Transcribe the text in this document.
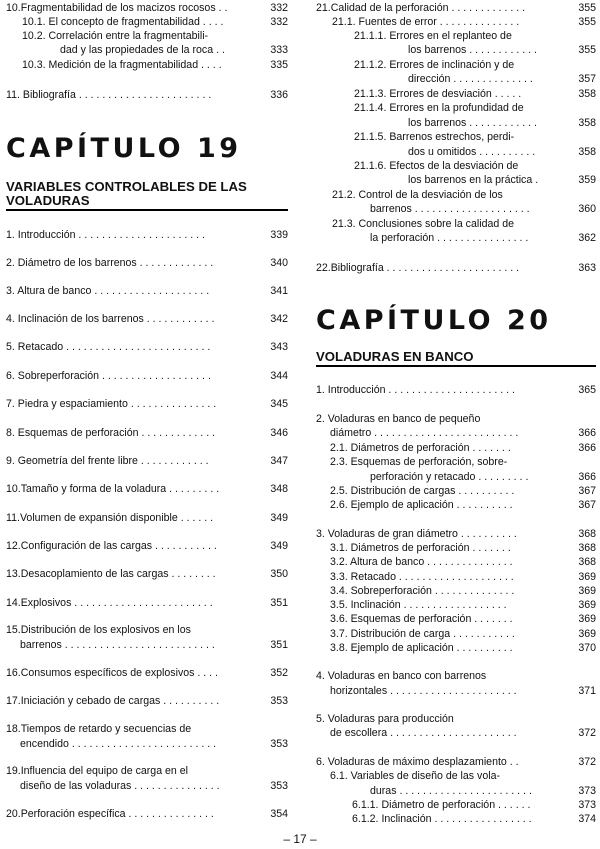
10.Fragmentabilidad de los macizos rocosos . .	332
10.1. El concepto de fragmentabilidad . . . .	332
10.2. Correlación entre la fragmentabili-
dad y las propiedades de la roca . .	333
10.3. Medición de la fragmentabilidad . . . .	335
11. Bibliografía . . . . . . . . . . . . . . . . . . . . . . .	336
CAPÍTULO 19
VARIABLES CONTROLABLES DE LAS
VOLADURAS
1. Introducción . . . . . . . . . . . . . . . . . . . . . .	339
2. Diámetro de los barrenos . . . . . . . . . . . . .	340
3. Altura de banco . . . . . . . . . . . . . . . . . . . .	341
4. Inclinación de los barrenos . . . . . . . . . . . .	342
5. Retacado . . . . . . . . . . . . . . . . . . . . . . . . .	343
6. Sobreperforación . . . . . . . . . . . . . . . . . . .	344
7. Piedra y espaciamiento . . . . . . . . . . . . . . .	345
8. Esquemas de perforación . . . . . . . . . . . . .	346
9. Geometría del frente libre . . . . . . . . . . . .	347
10.Tamaño y forma de la voladura . . . . . . . . .	348
11.Volumen de expansión disponible . . . . . .	349
12.Configuración de las cargas . . . . . . . . . . .	349
13.Desacoplamiento de las cargas . . . . . . . .	350
14.Explosivos . . . . . . . . . . . . . . . . . . . . . . . .	351
15.Distribución de los explosivos en los
barrenos . . . . . . . . . . . . . . . . . . . . . . . . . .	351
16.Consumos específicos de explosivos . . . .	352
17.Iniciación y cebado de cargas . . . . . . . . . .	353
18.Tiempos de retardo y secuencias de
encendido . . . . . . . . . . . . . . . . . . . . . . . . .	353
19.Influencia del equipo de carga en el
diseño de las voladuras . . . . . . . . . . . . . . .	353
20.Perforación específica . . . . . . . . . . . . . . .	354
21.Calidad de la perforación . . . . . . . . . . . . .	355
21.1. Fuentes de error . . . . . . . . . . . . . .	355
21.1.1. Errores en el replanteo de
los barrenos . . . . . . . . . . . .	355
21.1.2. Errores de inclinación y de
dirección . . . . . . . . . . . . . .	357
21.1.3. Errores de desviación . . . . .	358
21.1.4. Errores en la profundidad de
los barrenos . . . . . . . . . . . .	358
21.1.5. Barrenos estrechos, perdi-
dos u omitidos . . . . . . . . . .	358
21.1.6. Efectos de la desviación de
los barrenos en la práctica .	359
21.2. Control de la desviación de los
barrenos . . . . . . . . . . . . . . . . . . . .	360
21.3. Conclusiones sobre la calidad de
la perforación . . . . . . . . . . . . . . . .	362
22.Bibliografía . . . . . . . . . . . . . . . . . . . . . . .	363
CAPÍTULO 20
VOLADURAS EN BANCO
1. Introducción . . . . . . . . . . . . . . . . . . . . . .	365
2. Voladuras en banco de pequeño
diámetro . . . . . . . . . . . . . . . . . . . . . . . . .	366
2.1. Diámetros de perforación . . . . . . .	366
2.3. Esquemas de perforación, sobre-
perforación y retacado . . . . . . . . .	366
2.5. Distribución de cargas . . . . . . . . . .	367
2.6. Ejemplo de aplicación . . . . . . . . . .	367
3. Voladuras de gran diámetro . . . . . . . . . .	368
3.1. Diámetros de perforación . . . . . . .	368
3.2. Altura de banco . . . . . . . . . . . . . . .	368
3.3. Retacado . . . . . . . . . . . . . . . . . . . .	369
3.4. Sobreperforación . . . . . . . . . . . . . .	369
3.5. Inclinación . . . . . . . . . . . . . . . . . .	369
3.6. Esquemas de perforación . . . . . . .	369
3.7. Distribución de carga . . . . . . . . . . .	369
3.8. Ejemplo de aplicación . . . . . . . . . .	370
4. Voladuras en banco con barrenos
horizontales . . . . . . . . . . . . . . . . . . . . . .	371
5. Voladuras para producción
de escollera . . . . . . . . . . . . . . . . . . . . . .	372
6. Voladuras de máximo desplazamiento . .	372
6.1. Variables de diseño de las vola-
duras . . . . . . . . . . . . . . . . . . . . . . .	373
6.1.1. Diámetro de perforación . . . . . .	373
6.1.2. Inclinación . . . . . . . . . . . . . . . . .	374
– 17 –
